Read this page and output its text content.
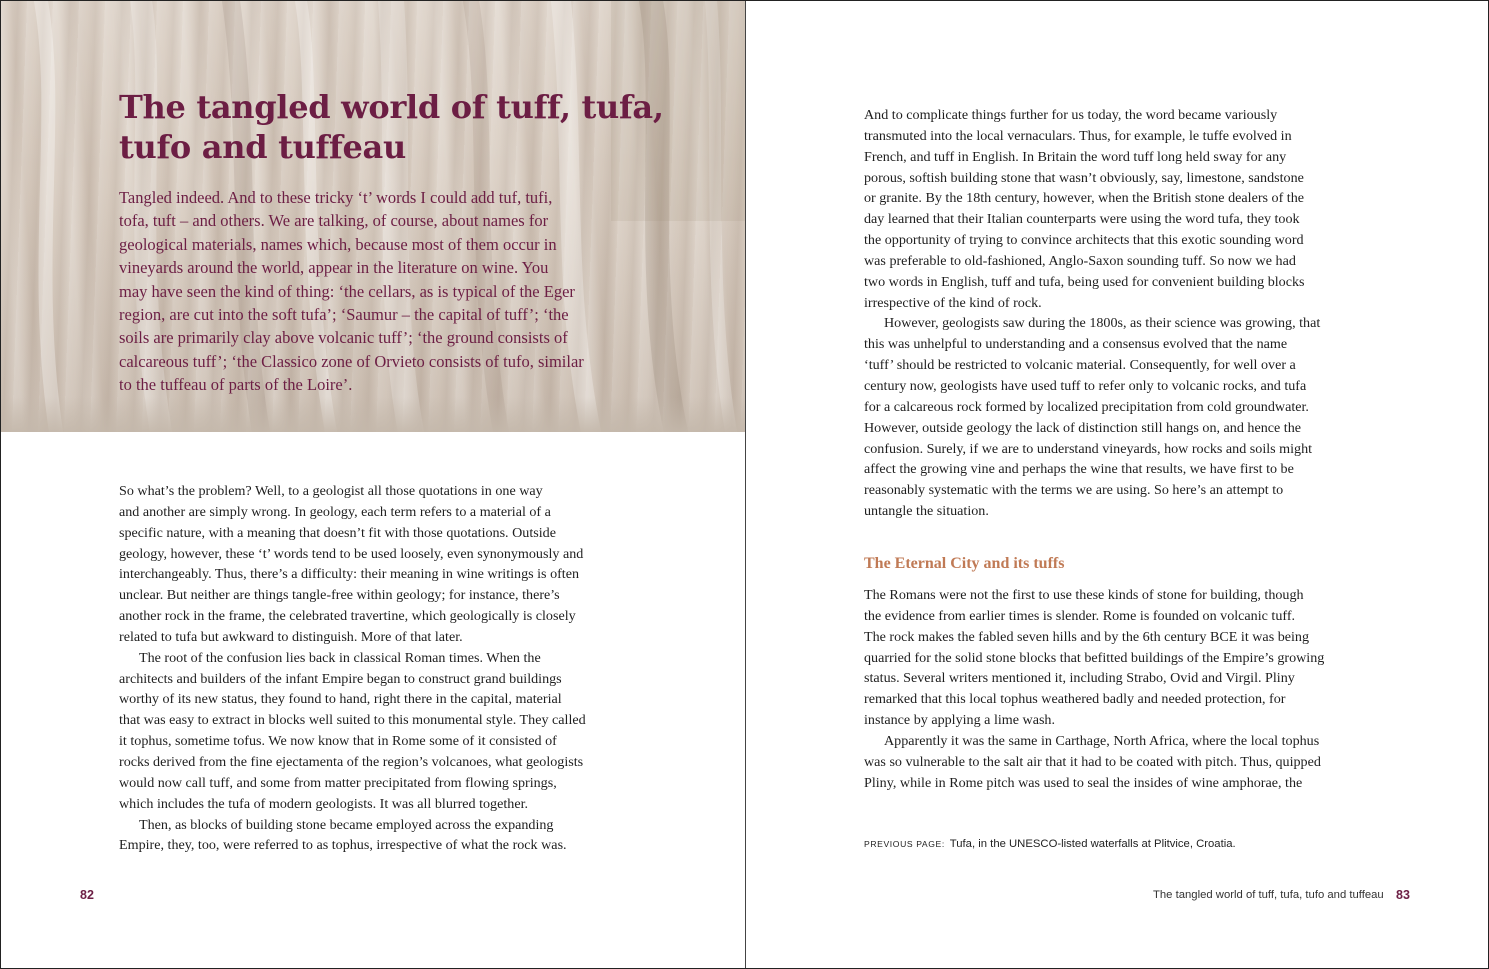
The tangled world of tuff, tufa,
tufo and tuffeau
Tangled indeed. And to these tricky ‘t’ words I could add tuf, tufi,
tofa, tuft – and others. We are talking, of course, about names for
geological materials, names which, because most of them occur in
vineyards around the world, appear in the literature on wine. You
may have seen the kind of thing: ‘the cellars, as is typical of the Eger
region, are cut into the soft tufa’; ‘Saumur – the capital of tuff’; ‘the
soils are primarily clay above volcanic tuff’; ‘the ground consists of
calcareous tuff’; ‘the Classico zone of Orvieto consists of tufo, similar
to the tuffeau of parts of the Loire’.
So what’s the problem? Well, to a geologist all those quotations in one way
and another are simply wrong. In geology, each term refers to a material of a
specific nature, with a meaning that doesn’t fit with those quotations. Outside
geology, however, these ‘t’ words tend to be used loosely, even synonymously and
interchangeably. Thus, there’s a difficulty: their meaning in wine writings is often
unclear. But neither are things tangle-free within geology; for instance, there’s
another rock in the frame, the celebrated travertine, which geologically is closely
related to tufa but awkward to distinguish. More of that later.
The root of the confusion lies back in classical Roman times. When the
architects and builders of the infant Empire began to construct grand buildings
worthy of its new status, they found to hand, right there in the capital, material
that was easy to extract in blocks well suited to this monumental style. They called
it tophus, sometime tofus. We now know that in Rome some of it consisted of
rocks derived from the fine ejectamenta of the region’s volcanoes, what geologists
would now call tuff, and some from matter precipitated from flowing springs,
which includes the tufa of modern geologists. It was all blurred together.
Then, as blocks of building stone became employed across the expanding
Empire, they, too, were referred to as tophus, irrespective of what the rock was.
82
And to complicate things further for us today, the word became variously
transmuted into the local vernaculars. Thus, for example, le tuffe evolved in
French, and tuff in English. In Britain the word tuff long held sway for any
porous, softish building stone that wasn’t obviously, say, limestone, sandstone
or granite. By the 18th century, however, when the British stone dealers of the
day learned that their Italian counterparts were using the word tufa, they took
the opportunity of trying to convince architects that this exotic sounding word
was preferable to old-fashioned, Anglo-Saxon sounding tuff. So now we had
two words in English, tuff and tufa, being used for convenient building blocks
irrespective of the kind of rock.
However, geologists saw during the 1800s, as their science was growing, that
this was unhelpful to understanding and a consensus evolved that the name
‘tuff’ should be restricted to volcanic material. Consequently, for well over a
century now, geologists have used tuff to refer only to volcanic rocks, and tufa
for a calcareous rock formed by localized precipitation from cold groundwater.
However, outside geology the lack of distinction still hangs on, and hence the
confusion. Surely, if we are to understand vineyards, how rocks and soils might
affect the growing vine and perhaps the wine that results, we have first to be
reasonably systematic with the terms we are using. So here’s an attempt to
untangle the situation.
The Eternal City and its tuffs
The Romans were not the first to use these kinds of stone for building, though
the evidence from earlier times is slender. Rome is founded on volcanic tuff.
The rock makes the fabled seven hills and by the 6th century BCE it was being
quarried for the solid stone blocks that befitted buildings of the Empire’s growing
status. Several writers mentioned it, including Strabo, Ovid and Virgil. Pliny
remarked that this local tophus weathered badly and needed protection, for
instance by applying a lime wash.
Apparently it was the same in Carthage, North Africa, where the local tophus
was so vulnerable to the salt air that it had to be coated with pitch. Thus, quipped
Pliny, while in Rome pitch was used to seal the insides of wine amphorae, the
PREVIOUS PAGE: Tufa, in the UNESCO-listed waterfalls at Plitvice, Croatia.
The tangled world of tuff, tufa, tufo and tuffeau 83
